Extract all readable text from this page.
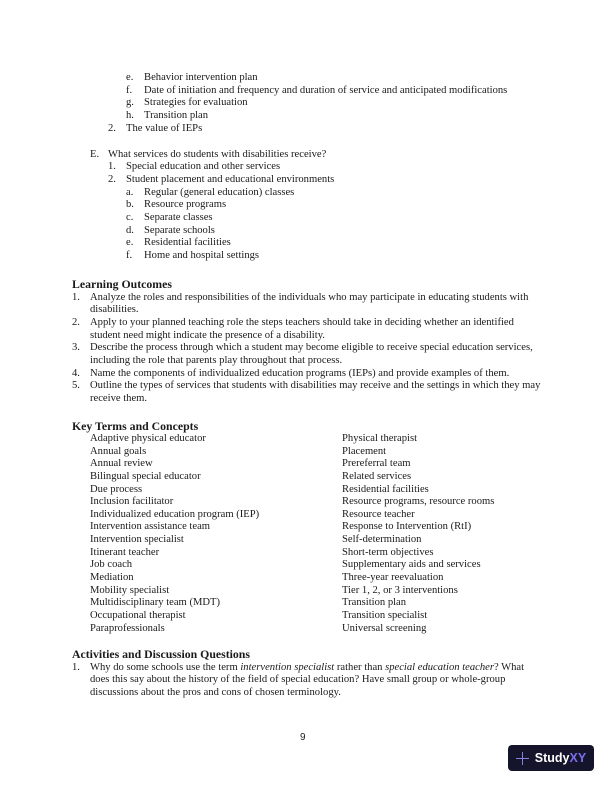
e. Behavior intervention plan
f. Date of initiation and frequency and duration of service and anticipated modifications
g. Strategies for evaluation
h. Transition plan
2. The value of IEPs
E. What services do students with disabilities receive?
1. Special education and other services
2. Student placement and educational environments
a. Regular (general education) classes
b. Resource programs
c. Separate classes
d. Separate schools
e. Residential facilities
f. Home and hospital settings
Learning Outcomes
1. Analyze the roles and responsibilities of the individuals who may participate in educating students with disabilities.
2. Apply to your planned teaching role the steps teachers should take in deciding whether an identified student need might indicate the presence of a disability.
3. Describe the process through which a student may become eligible to receive special education services, including the role that parents play throughout that process.
4. Name the components of individualized education programs (IEPs) and provide examples of them.
5. Outline the types of services that students with disabilities may receive and the settings in which they may receive them.
Key Terms and Concepts
Adaptive physical educator
Annual goals
Annual review
Bilingual special educator
Due process
Inclusion facilitator
Individualized education program (IEP)
Intervention assistance team
Intervention specialist
Itinerant teacher
Job coach
Mediation
Mobility specialist
Multidisciplinary team (MDT)
Occupational therapist
Paraprofessionals
Physical therapist
Placement
Prereferral team
Related services
Residential facilities
Resource programs, resource rooms
Resource teacher
Response to Intervention (RtI)
Self-determination
Short-term objectives
Supplementary aids and services
Three-year reevaluation
Tier 1, 2, or 3 interventions
Transition plan
Transition specialist
Universal screening
Activities and Discussion Questions
1. Why do some schools use the term intervention specialist rather than special education teacher? What does this say about the history of the field of special education? Have small group or whole-group discussions about the pros and cons of chosen terminology.
9
Study XY
